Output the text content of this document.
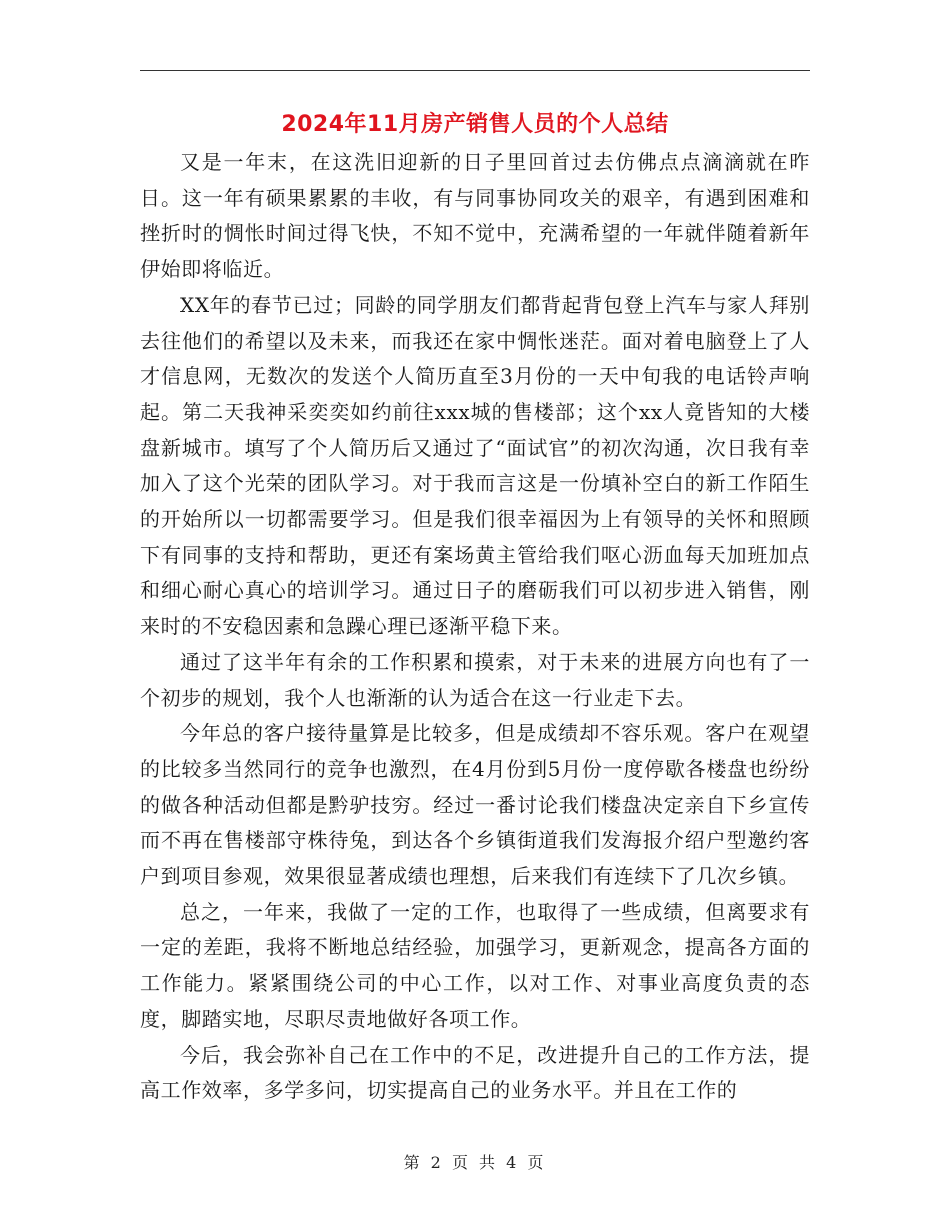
2024年11月房产销售人员的个人总结

又是一年末，在这洗旧迎新的日子里回首过去仿佛点点滴滴就在昨日。这一年有硕果累累的丰收，有与同事协同攻关的艰辛，有遇到困难和挫折时的惆怅时间过得飞快，不知不觉中，充满希望的一年就伴随着新年伊始即将临近。

XX年的春节已过；同龄的同学朋友们都背起背包登上汽车与家人拜别去往他们的希望以及未来，而我还在家中惆怅迷茫。面对着电脑登上了人才信息网，无数次的发送个人简历直至3月份的一天中旬我的电话铃声响起。第二天我神采奕奕如约前往xxx城的售楼部；这个xx人竟皆知的大楼盘新城市。填写了个人简历后又通过了“面试官”的初次沟通，次日我有幸加入了这个光荣的团队学习。对于我而言这是一份填补空白的新工作陌生的开始所以一切都需要学习。但是我们很幸福因为上有领导的关怀和照顾下有同事的支持和帮助，更还有案场黄主管给我们呕心沥血每天加班加点和细心耐心真心的培训学习。通过日子的磨砺我们可以初步进入销售，刚来时的不安稳因素和急躁心理已逐渐平稳下来。

通过了这半年有余的工作积累和摸索，对于未来的进展方向也有了一个初步的规划，我个人也渐渐的认为适合在这一行业走下去。

今年总的客户接待量算是比较多，但是成绩却不容乐观。客户在观望的比较多当然同行的竞争也激烈，在4月份到5月份一度停歇各楼盘也纷纷的做各种活动但都是黔驴技穷。经过一番讨论我们楼盘决定亲自下乡宣传而不再在售楼部守株待兔，到达各个乡镇街道我们发海报介绍户型邀约客户到项目参观，效果很显著成绩也理想，后来我们有连续下了几次乡镇。

总之，一年来，我做了一定的工作，也取得了一些成绩，但离要求有一定的差距，我将不断地总结经验，加强学习，更新观念，提高各方面的工作能力。紧紧围绕公司的中心工作，以对工作、对事业高度负责的态度，脚踏实地，尽职尽责地做好各项工作。

今后，我会弥补自己在工作中的不足，改进提升自己的工作方法，提高工作效率，多学多问，切实提高自己的业务水平。并且在工作的

第 2 页 共 4 页
